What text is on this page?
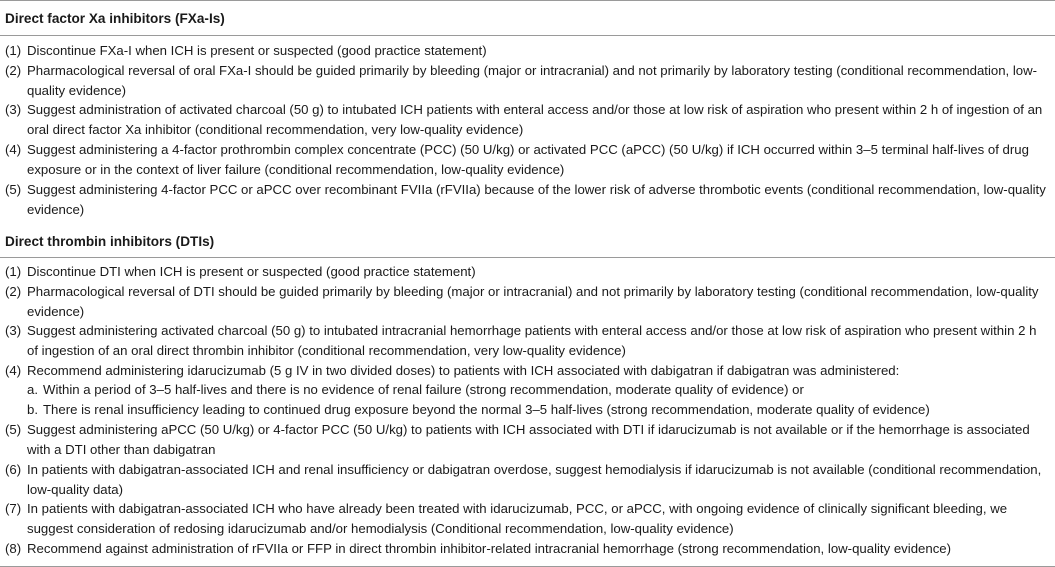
Direct factor Xa inhibitors (FXa-Is)
(1) Discontinue FXa-I when ICH is present or suspected (good practice statement)
(2) Pharmacological reversal of oral FXa-I should be guided primarily by bleeding (major or intracranial) and not primarily by laboratory testing (conditional recommendation, low-quality evidence)
(3) Suggest administration of activated charcoal (50 g) to intubated ICH patients with enteral access and/or those at low risk of aspiration who present within 2 h of ingestion of an oral direct factor Xa inhibitor (conditional recommendation, very low-quality evidence)
(4) Suggest administering a 4-factor prothrombin complex concentrate (PCC) (50 U/kg) or activated PCC (aPCC) (50 U/kg) if ICH occurred within 3–5 terminal half-lives of drug exposure or in the context of liver failure (conditional recommendation, low-quality evidence)
(5) Suggest administering 4-factor PCC or aPCC over recombinant FVIIa (rFVIIa) because of the lower risk of adverse thrombotic events (conditional recommendation, low-quality evidence)
Direct thrombin inhibitors (DTIs)
(1) Discontinue DTI when ICH is present or suspected (good practice statement)
(2) Pharmacological reversal of DTI should be guided primarily by bleeding (major or intracranial) and not primarily by laboratory testing (conditional recommendation, low-quality evidence)
(3) Suggest administering activated charcoal (50 g) to intubated intracranial hemorrhage patients with enteral access and/or those at low risk of aspiration who present within 2 h of ingestion of an oral direct thrombin inhibitor (conditional recommendation, very low-quality evidence)
(4) Recommend administering idarucizumab (5 g IV in two divided doses) to patients with ICH associated with dabigatran if dabigatran was administered:
a. Within a period of 3–5 half-lives and there is no evidence of renal failure (strong recommendation, moderate quality of evidence) or
b. There is renal insufficiency leading to continued drug exposure beyond the normal 3–5 half-lives (strong recommendation, moderate quality of evidence)
(5) Suggest administering aPCC (50 U/kg) or 4-factor PCC (50 U/kg) to patients with ICH associated with DTI if idarucizumab is not available or if the hemorrhage is associated with a DTI other than dabigatran
(6) In patients with dabigatran-associated ICH and renal insufficiency or dabigatran overdose, suggest hemodialysis if idarucizumab is not available (conditional recommendation, low-quality data)
(7) In patients with dabigatran-associated ICH who have already been treated with idarucizumab, PCC, or aPCC, with ongoing evidence of clinically significant bleeding, we suggest consideration of redosing idarucizumab and/or hemodialysis (Conditional recommendation, low-quality evidence)
(8) Recommend against administration of rFVIIa or FFP in direct thrombin inhibitor-related intracranial hemorrhage (strong recommendation, low-quality evidence)
